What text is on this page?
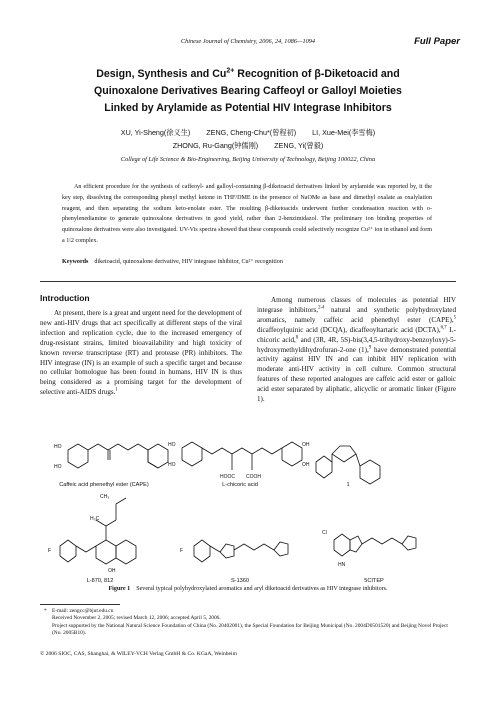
Chinese Journal of Chemistry, 2006, 24, 1086—1094	Full Paper
Design, Synthesis and $Cu^{2+}$ Recognition of β-Diketoacid and
Quinoxalone Derivatives Bearing Caffeoyl or Galloyl Moieties
Linked by Arylamide as Potential HIV Integrase Inhibitors
XU, Yi-Sheng(徐义生)        ZENG, Cheng-Chu*(曾程初)        LI, Xue-Mei(李雪梅)
ZHONG, Ru-Gang(钟儒刚)        ZENG, Yi(曾毅)
College of Life Science & Bio-Engineering, Beijing University of Technology, Beijing 100022, China
An efficient procedure for the synthesis of caffeoyl- and galloyl-containing β-diketoacid derivatives linked by arylamide was reported by, it the key step, dissolving the corresponding phenyl methyl ketone in THF/DME in the presence of NaOMe as base and dimethyl oxalate as oxalylation reagent, and then separating the sodium keto-enolate ester. The resulting β-diketoacids underwent further condensation reaction with o-phenylenediamine to generate quinoxalone derivatives in good yield, rather than 2-benzimidazol. The preliminary ion binding properties of quinoxalone derivatives were also investigated. UV-Vis spectra showed that these compounds could selectively recognize Cu²⁺ ion in ethanol and form a 1∶2 complex.
Keywords diketoacid, quinoxalone derivative, HIV integrase inhibitor, Cu²⁺ recognition
Introduction
At present, there is a great and urgent need for the development of new anti-HIV drugs that act specifically at different steps of the viral infection and replication cycle, due to the increased emergency of drug-resistant strains, limited bioavailability and high toxicity of known reverse transcriptase (RT) and protease (PR) inhibitors. The HIV integrase (IN) is an example of such a specific target and because no cellular homologue has been found in humans, HIV IN is thus being considered as a promising target for the development of selective anti-AIDS drugs.$^1$
Among numerous classes of molecules as potential HIV integrase inhibitors,$^{2-4}$ natural and synthetic polyhydroxylated aromatics, namely caffeic acid phenethyl ester (CAPE),$^5$ dicaffeoylquinic acid (DCQA), dicaffeoyltartaric acid (DCTA),$^{6,7}$ L-chicoric acid,$^8$ and (3R, 4R, 5S)-bis(3,4,5-trihydroxy-benzoyloxy)-5-hydroxymethyldihydrofuran-2-one (1),$^9$ have demonstrated potential activity against HIV IN and can inhibit HIV replication with moderate anti-HIV activity in cell culture. Common structural features of these reported analogues are caffeic acid ester or galloic acid ester separated by aliphatic, alicyclic or aromatic linker (Figure 1).
HO
HO
HO
HO
HOOC COOH
OH
OH
CH₃
H₃C
F	F
Cl
HN
OH
Caffeic acid phenethyl ester (CAPE)	L-chicoric acid	1
L-870, 812	S-1360	5CITEP
Figure 1 Several typical polyhydroxylated aromatics and aryl diketoacid derivatives as HIV integrase inhibitors.
* E-mail: zengcc@bjut.edu.cn
Received November 2, 2005; revised March 12, 2006; accepted April 5, 2006.
Project supported by the National Natural Science Foundation of China (No. 20402001), the Special Foundation for Beijing Municipal (No. 2004D0501520) and Beijing Novel Project (No. 2005B10).
© 2006 SIOC, CAS, Shanghai, & WILEY-VCH Verlag GmbH & Co. KGaA, Weinheim
